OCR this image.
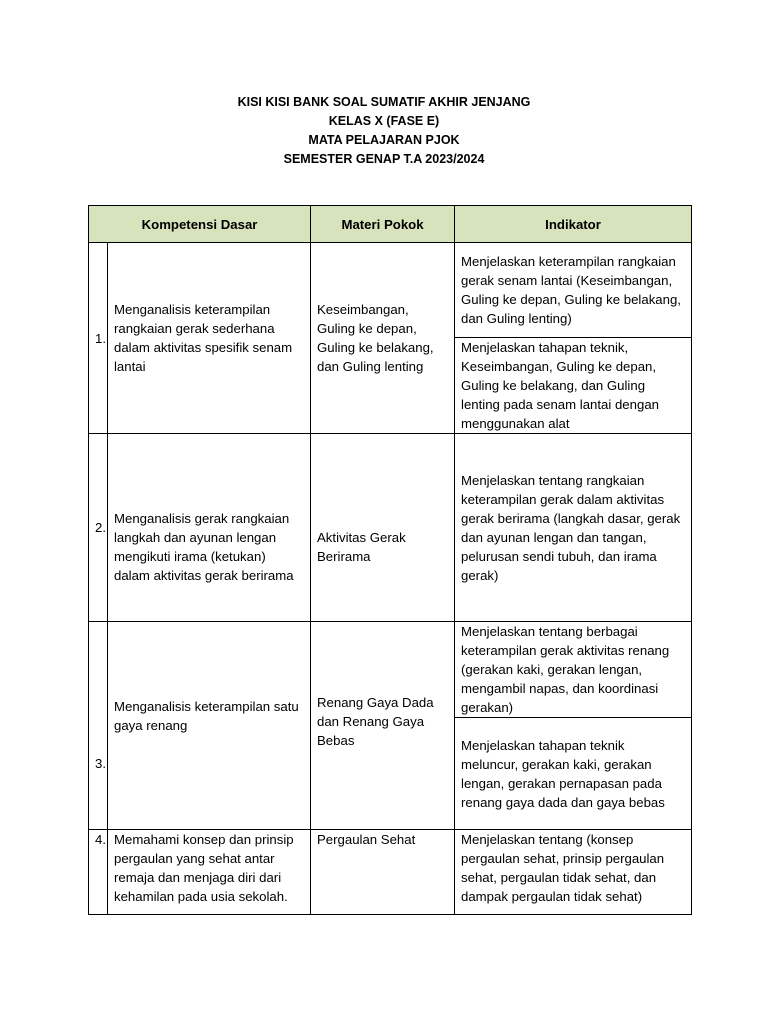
KISI KISI BANK SOAL SUMATIF AKHIR JENJANG
KELAS X (FASE E)
MATA PELAJARAN PJOK
SEMESTER GENAP T.A 2023/2024
Kompetensi Dasar		Materi Pokok	Indikator
1.	Menganalisis keterampilan rangkaian gerak sederhana dalam aktivitas spesifik senam lantai	Keseimbangan, Guling ke depan, Guling ke belakang, dan Guling lenting	Menjelaskan keterampilan rangkaian gerak senam lantai (Keseimbangan, Guling ke depan, Guling ke belakang, dan Guling lenting)
			Menjelaskan tahapan teknik, Keseimbangan, Guling ke depan, Guling ke belakang, dan Guling lenting pada senam lantai dengan menggunakan alat
2.	Menganalisis gerak rangkaian langkah dan ayunan lengan mengikuti irama (ketukan) dalam aktivitas gerak berirama	Aktivitas Gerak Berirama	Menjelaskan tentang rangkaian keterampilan gerak dalam aktivitas gerak berirama (langkah dasar, gerak dan ayunan lengan dan tangan, pelurusan sendi tubuh, dan irama gerak)
3.	Menganalisis keterampilan satu gaya renang	Renang Gaya Dada dan Renang Gaya Bebas	Menjelaskan tentang berbagai keterampilan gerak aktivitas renang (gerakan kaki, gerakan lengan, mengambil napas, dan koordinasi gerakan)
			Menjelaskan tahapan teknik meluncur, gerakan kaki, gerakan lengan, gerakan pernapasan pada renang gaya dada dan gaya bebas
4.	Memahami konsep dan prinsip pergaulan yang sehat antar remaja dan menjaga diri dari kehamilan pada usia sekolah.	Pergaulan Sehat	Menjelaskan tentang (konsep pergaulan sehat, prinsip pergaulan sehat, pergaulan tidak sehat, dan dampak pergaulan tidak sehat)
